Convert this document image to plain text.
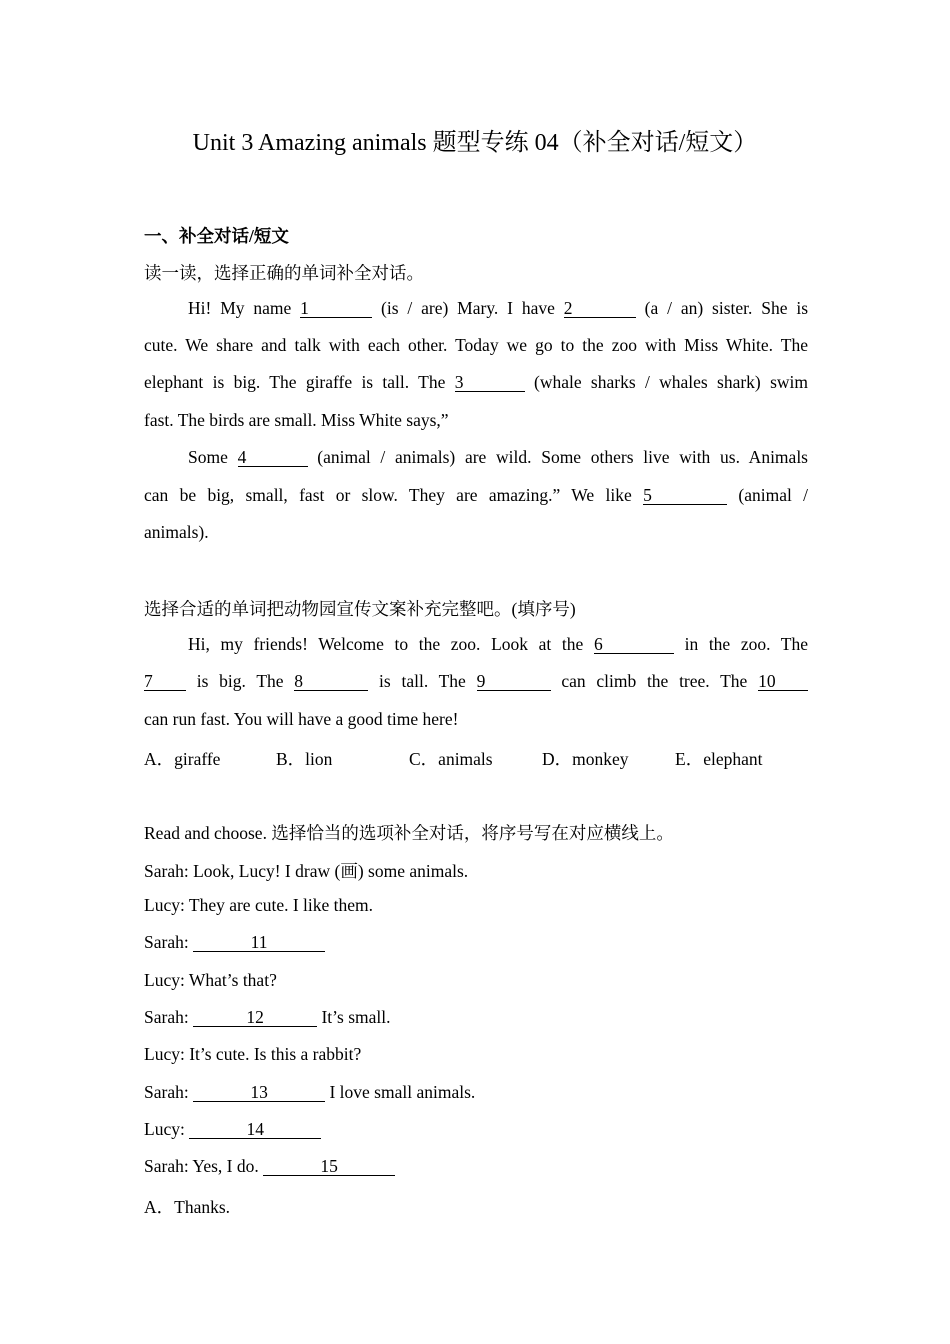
Unit 3 Amazing animals 题型专练 04（补全对话/短文）
一、补全对话/短文
读一读，选择正确的单词补全对话。
Hi! My name 1	(is / are) Mary. I have 2	(a / an) sister. She is
cute. We share and talk with each other. Today we go to the zoo with Miss White. The
elephant is big. The giraffe is tall. The 3	(whale sharks / whales shark) swim
fast. The birds are small. Miss White says,”
Some 4	(animal / animals) are wild. Some others live with us. Animals
can be big, small, fast or slow. They are amazing.” We like 5	(animal /
animals).
选择合适的单词把动物园宣传文案补充完整吧。(填序号)
Hi, my friends! Welcome to the zoo. Look at the 6	in the zoo. The
7	is big. The 8	is tall. The 9	can climb the tree. The 10
can run fast. You will have a good time here!
A．giraffe	B．lion	C．animals	D．monkey	E．elephant
Read and choose. 选择恰当的选项补全对话，将序号写在对应横线上。
Sarah: Look, Lucy! I draw (画) some animals.
Lucy: They are cute. I like them.
Sarah:	11
Lucy: What’s that?
Sarah:	12	It’s small.
Lucy: It’s cute. Is this a rabbit?
Sarah:	13	I love small animals.
Lucy:	14
Sarah: Yes, I do.	15
A．Thanks.
